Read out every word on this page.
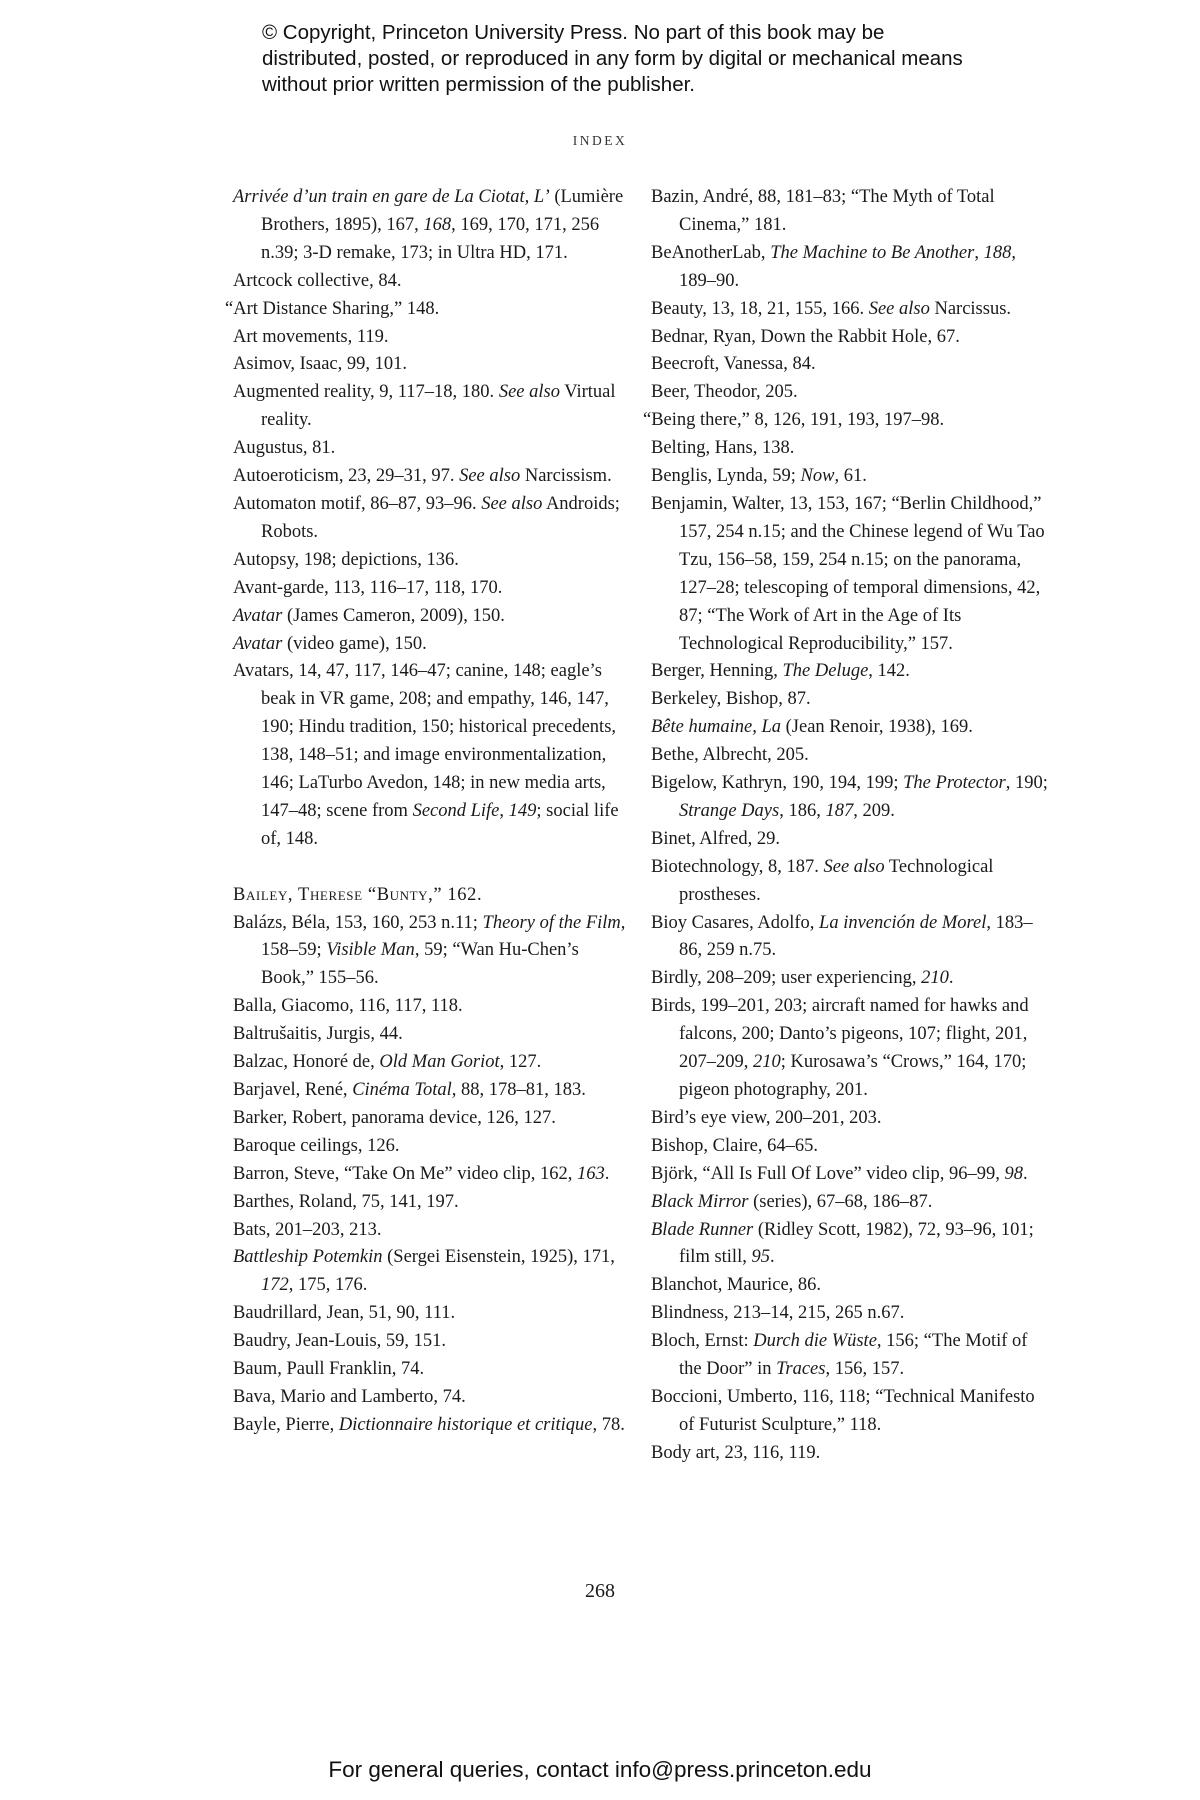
© Copyright, Princeton University Press. No part of this book may be distributed, posted, or reproduced in any form by digital or mechanical means without prior written permission of the publisher.
INDEX

Arrivée d’un train en gare de La Ciotat, L’ (Lumière Brothers, 1895), 167, 168, 169, 170, 171, 256 n.39; 3-D remake, 173; in Ultra HD, 171.

Artcock collective, 84.

“Art Distance Sharing,” 148.

Art movements, 119.

Asimov, Isaac, 99, 101.

Augmented reality, 9, 117–18, 180. See also Virtual reality.

Augustus, 81.

Autoeroticism, 23, 29–31, 97. See also Narcissism.

Automaton motif, 86–87, 93–96. See also Androids; Robots.

Autopsy, 198; depictions, 136.

Avant-garde, 113, 116–17, 118, 170.

Avatar (James Cameron, 2009), 150.

Avatar (video game), 150.

Avatars, 14, 47, 117, 146–47; canine, 148; eagle’s beak in VR game, 208; and empathy, 146, 147, 190; Hindu tradition, 150; historical precedents, 138, 148–51; and image environmentalization, 146; LaTurbo Avedon, 148; in new media arts, 147–48; scene from Second Life, 149; social life of, 148.

Bailey, Therese “Bunty,” 162.

Balázs, Béla, 153, 160, 253 n.11; Theory of the Film, 158–59; Visible Man, 59; “Wan Hu-Chen’s Book,” 155–56.

Balla, Giacomo, 116, 117, 118.

Baltrušaitis, Jurgis, 44.

Balzac, Honoré de, Old Man Goriot, 127.

Barjavel, René, Cinéma Total, 88, 178–81, 183.

Barker, Robert, panorama device, 126, 127.

Baroque ceilings, 126.

Barron, Steve, “Take On Me” video clip, 162, 163.

Barthes, Roland, 75, 141, 197.

Bats, 201–203, 213.

Battleship Potemkin (Sergei Eisenstein, 1925), 171, 172, 175, 176.

Baudrillard, Jean, 51, 90, 111.

Baudry, Jean-Louis, 59, 151.

Baum, Paull Franklin, 74.

Bava, Mario and Lamberto, 74.

Bayle, Pierre, Dictionnaire historique et critique, 78.

Bazin, André, 88, 181–83; “The Myth of Total Cinema,” 181.

BeAnotherLab, The Machine to Be Another, 188, 189–90.

Beauty, 13, 18, 21, 155, 166. See also Narcissus.

Bednar, Ryan, Down the Rabbit Hole, 67.

Beecroft, Vanessa, 84.

Beer, Theodor, 205.

“Being there,” 8, 126, 191, 193, 197–98.

Belting, Hans, 138.

Benglis, Lynda, 59; Now, 61.

Benjamin, Walter, 13, 153, 167; “Berlin Childhood,” 157, 254 n.15; and the Chinese legend of Wu Tao Tzu, 156–58, 159, 254 n.15; on the panorama, 127–28; telescoping of temporal dimensions, 42, 87; “The Work of Art in the Age of Its Technological Reproducibility,” 157.

Berger, Henning, The Deluge, 142.

Berkeley, Bishop, 87.

Bête humaine, La (Jean Renoir, 1938), 169.

Bethe, Albrecht, 205.

Bigelow, Kathryn, 190, 194, 199; The Protector, 190; Strange Days, 186, 187, 209.

Binet, Alfred, 29.

Biotechnology, 8, 187. See also Technological prostheses.

Bioy Casares, Adolfo, La invención de Morel, 183–86, 259 n.75.

Birdly, 208–209; user experiencing, 210.

Birds, 199–201, 203; aircraft named for hawks and falcons, 200; Danto’s pigeons, 107; flight, 201, 207–209, 210; Kurosawa’s “Crows,” 164, 170; pigeon photography, 201.

Bird’s eye view, 200–201, 203.

Bishop, Claire, 64–65.

Björk, “All Is Full Of Love” video clip, 96–99, 98.

Black Mirror (series), 67–68, 186–87.

Blade Runner (Ridley Scott, 1982), 72, 93–96, 101; film still, 95.

Blanchot, Maurice, 86.

Blindness, 213–14, 215, 265 n.67.

Bloch, Ernst: Durch die Wüste, 156; “The Motif of the Door” in Traces, 156, 157.

Boccioni, Umberto, 116, 118; “Technical Manifesto of Futurist Sculpture,” 118.

Body art, 23, 116, 119.

268
For general queries, contact info@press.princeton.edu
